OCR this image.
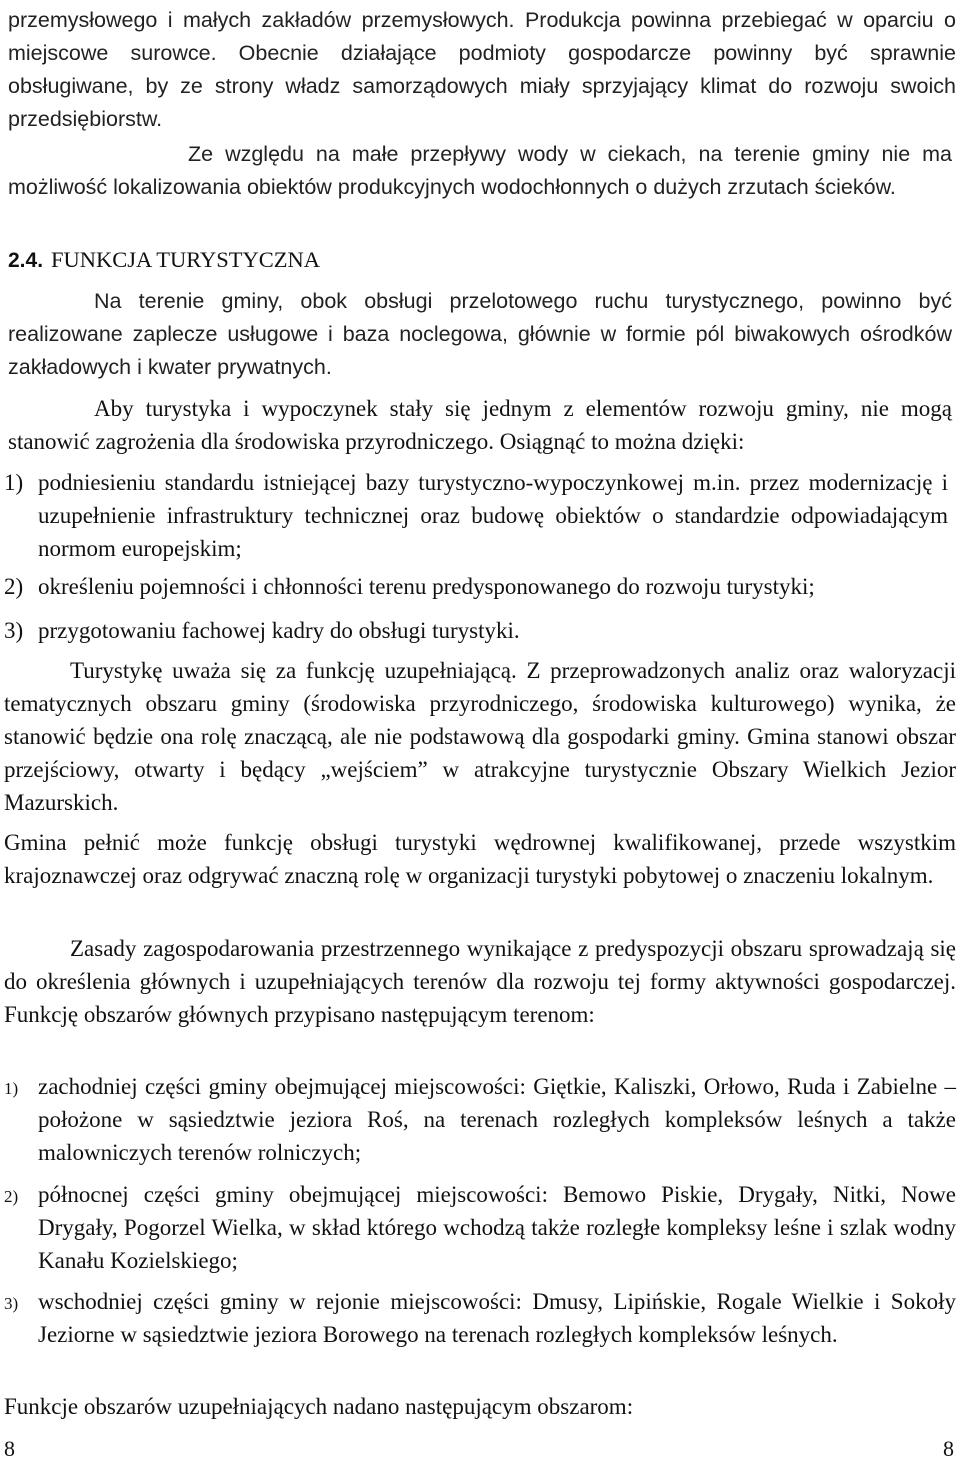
przemysłowego i małych zakładów przemysłowych. Produkcja powinna przebiegać w oparciu o miejscowe surowce. Obecnie działające podmioty gospodarcze powinny być sprawnie obsługiwane, by ze strony władz samorządowych miały sprzyjający klimat do rozwoju swoich przedsiębiorstw.

Ze względu na małe przepływy wody w ciekach, na terenie gminy nie ma możliwość lokalizowania obiektów produkcyjnych wodochłonnych o dużych zrzutach ścieków.

2.4. FUNKCJA TURYSTYCZNA

Na terenie gminy, obok obsługi przelotowego ruchu turystycznego, powinno być realizowane zaplecze usługowe i baza noclegowa, głównie w formie pól biwakowych ośrodków zakładowych i kwater prywatnych.

Aby turystyka i wypoczynek stały się jednym z elementów rozwoju gminy, nie mogą stanowić zagrożenia dla środowiska przyrodniczego. Osiągnąć to można dzięki:

1) podniesieniu standardu istniejącej bazy turystyczno-wypoczynkowej m.in. przez modernizację i uzupełnienie infrastruktury technicznej oraz budowę obiektów o standardzie odpowiadającym normom europejskim;
2) określeniu pojemności i chłonności terenu predysponowanego do rozwoju turystyki;
3) przygotowaniu fachowej kadry do obsługi turystyki.

Turystykę uważa się za funkcję uzupełniającą. Z przeprowadzonych analiz oraz waloryzacji tematycznych obszaru gminy (środowiska przyrodniczego, środowiska kulturowego) wynika, że stanowić będzie ona rolę znaczącą, ale nie podstawową dla gospodarki gminy. Gmina stanowi obszar przejściowy, otwarty i będący „wejściem” w atrakcyjne turystycznie Obszary Wielkich Jezior Mazurskich.

Gmina pełnić może funkcję obsługi turystyki wędrownej kwalifikowanej, przede wszystkim krajoznawczej oraz odgrywać znaczną rolę w organizacji turystyki pobytowej o znaczeniu lokalnym.

Zasady zagospodarowania przestrzennego wynikające z predyspozycji obszaru sprowadzają się do określenia głównych i uzupełniających terenów dla rozwoju tej formy aktywności gospodarczej. Funkcję obszarów głównych przypisano następującym terenom:

1) zachodniej części gminy obejmującej miejscowości: Giętkie, Kaliszki, Orłowo, Ruda i Zabielne – położone w sąsiedztwie jeziora Roś, na terenach rozległych kompleksów leśnych a także malowniczych terenów rolniczych;
2) północnej części gminy obejmującej miejscowości: Bemowo Piskie, Drygały, Nitki, Nowe Drygały, Pogorzel Wielka, w skład którego wchodzą także rozległe kompleksy leśne i szlak wodny Kanału Kozielskiego;
3) wschodniej części gminy w rejonie miejscowości: Dmusy, Lipińskie, Rogale Wielkie i Sokoły Jeziorne w sąsiedztwie jeziora Borowego na terenach rozległych kompleksów leśnych.

Funkcje obszarów uzupełniających nadano następującym obszarom:

8	8
